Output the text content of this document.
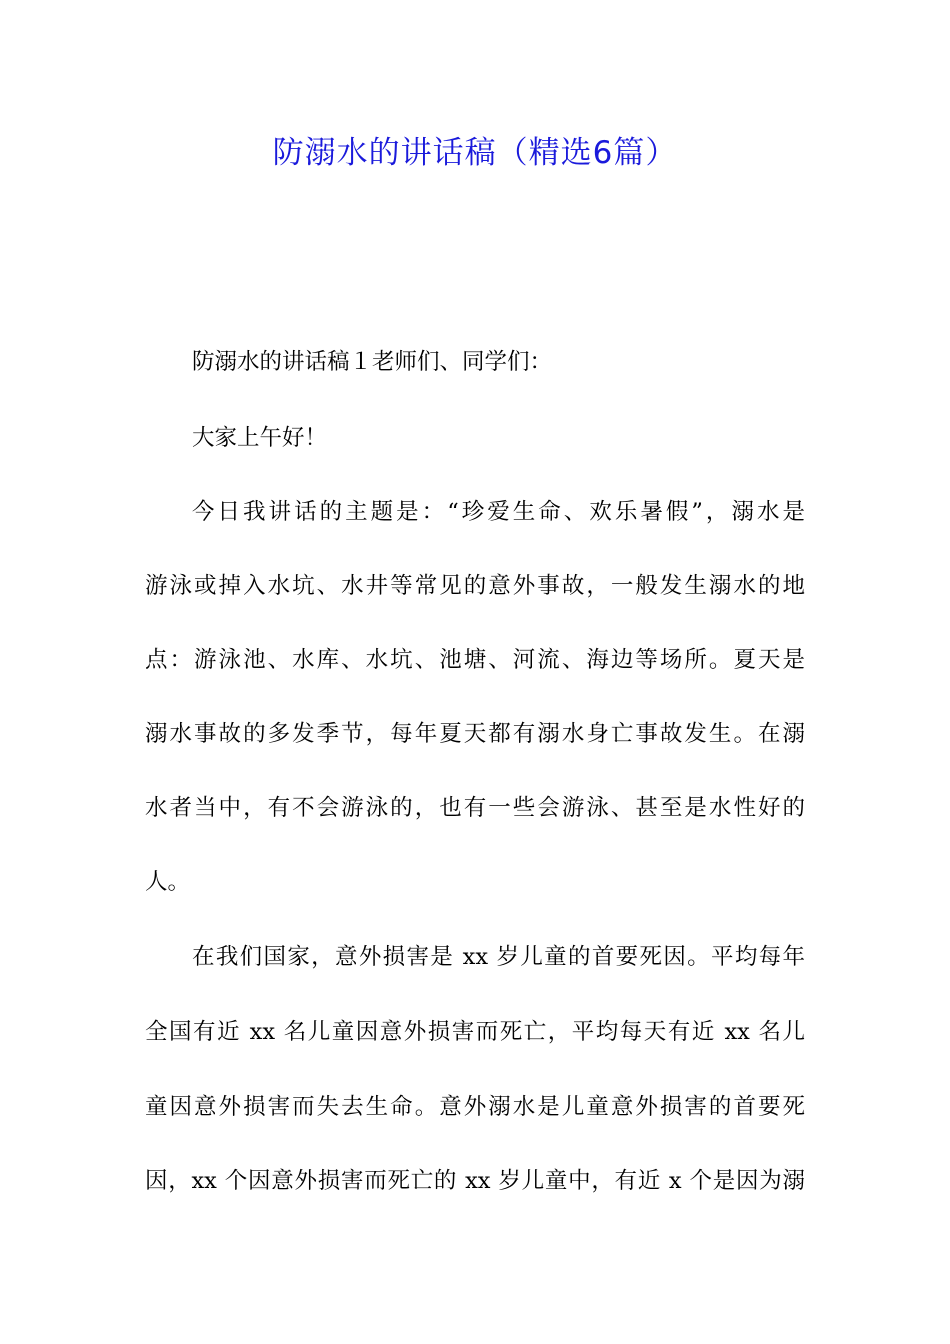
防溺水的讲话稿（精选6篇）
防溺水的讲话稿１老师们、同学们：
大家上午好！
今日我讲话的主题是：“珍爱生命、欢乐暑假”，溺水是
游泳或掉入水坑、水井等常见的意外事故，一般发生溺水的地
点：游泳池、水库、水坑、池塘、河流、海边等场所。夏天是
溺水事故的多发季节，每年夏天都有溺水身亡事故发生。在溺
水者当中，有不会游泳的，也有一些会游泳、甚至是水性好的
人。
在我们国家，意外损害是 xx 岁儿童的首要死因。平均每年
全国有近 xx 名儿童因意外损害而死亡，平均每天有近 xx 名儿
童因意外损害而失去生命。意外溺水是儿童意外损害的首要死
因，xx 个因意外损害而死亡的 xx 岁儿童中，有近 x 个是因为溺
